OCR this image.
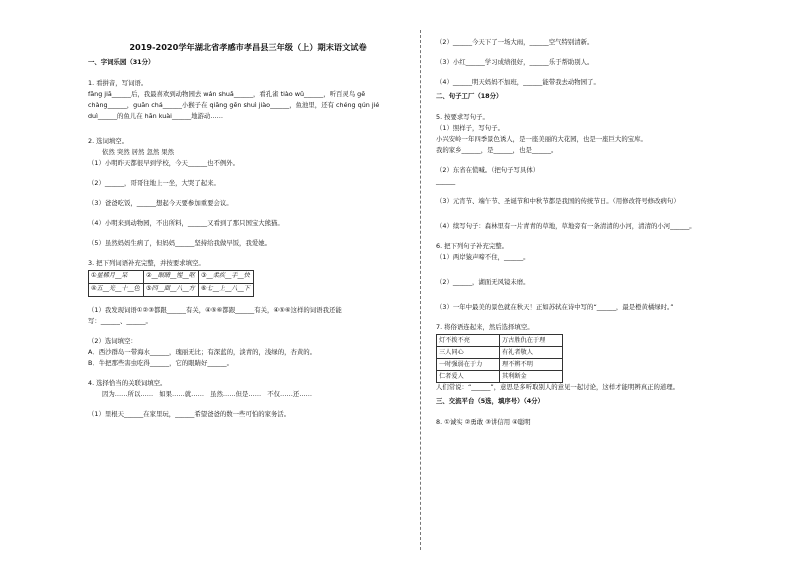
2019-2020学年湖北省孝感市孝昌县三年级（上）期末语文试卷
一、字词乐园（31分）
1. 看拼音，写词语。
fāng jiā______后，我最喜欢到动物园去 wán shuǎ______，看孔雀 tiào wǔ______，听百灵鸟 gē
chàng______，guān chá______小猴子在 qiāng gēn shuì jiào______，鱼池里，还有 chéng qún jié
duì______的鱼儿在 hān kuài______地游动……
2. 选词填空。
依然 突然 居然 忽然 果然
（1）小明昨天都很早到学校，今天______也不例外。
（2）______，哥哥往地上一坐，大哭了起来。
（3）爸爸吃饭，______想起今天要参加重要会议。
（4）小明来到动物园，不出所料，______又看到了那只国宝大熊猫。
（5）虽然妈妈生病了，但妈妈______坚持给我做早饭，我爱她。
3. 把下列词语补充完整，并按要求填空。
①星稀月__呆	②__眼睛__惺__呕	③__柔疾__手__快
④五__光__十__色	⑤四__面__八__方	⑥七__上__八__下
（1）我发现词语①②③都跟______有关，④⑤⑥都跟______有关，④⑤⑥这样的词语我还能
写：______、______。
（2）选词填空：
A．西沙群岛一带海水______，瑰丽无比；有深蓝的，淡青的，浅绿的，杏黄的。
B．牛把那些害虫吃得______，它的眼睛好______。
4. 选择恰当的关联词填空。
因为……所以……   如果……就……   虽然……但是……   不仅……还……
（1）里根天______在家里玩，______希望爸爸的数一些可怕的家务活。
（2）______今天下了一场大雨，______空气特别清新。
（3）小红______学习成绩很好，______乐于帮助别人。
（4）______明天妈妈不加班，______能带我去动物园了。
二、句子工厂（18分）
5. 按要求写句子。
（1）照样子，写句子。
小兴安岭一年四季景色诱人，是一座美丽的大花园，也是一座巨大的宝库。
我的家乡______，是______，也是______。
（2）东省在慌喊。（把句子写具体）
______
（3）元宵节、端午节、圣诞节和中秋节都是我国的传统节日。（用修改符号修改病句）
（4）续写句子：森林里有一片青青的草地，草地旁有一条清清的小河，清清的小河______。
6. 把下列句子补充完整。
（1）两岸猿声啼不住，______。
（2）______，湖面无风镜未磨。
（3）一年中最美的景色就在秋天！正如苏轼在诗中写的“______，最是橙黄橘绿时。”
7. 将俗语连起来，然后选择填空。
灯不拨不亮	万古胜仇在于理
三人同心	有礼者敬人
一时强弱在于力	理不辨不明
仁者爱人	其利断金
人们常说：“______”，意思是多听取别人的意见一起讨论，这样才能明辨真正的道理。
三、交流平台（5选，填序号）（4分）
8. ①诚实 ②勇敢 ③讲信用 ④聪明
